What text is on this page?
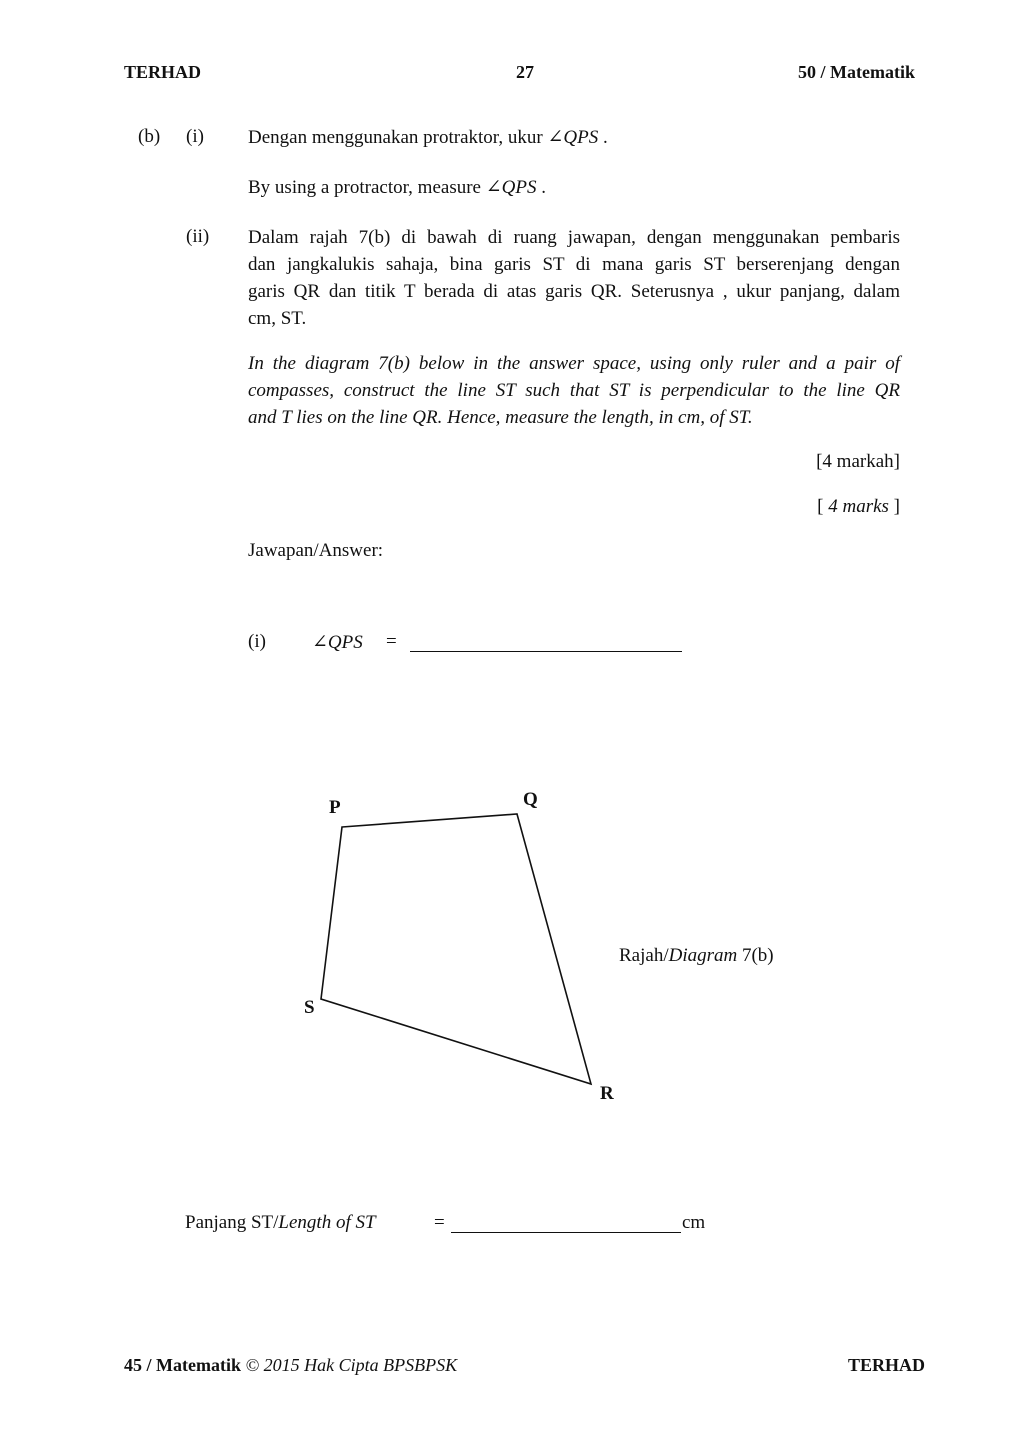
TERHAD	27	50 / Matematik
(b) (i) Dengan menggunakan protraktor, ukur ∠QPS .
By using a protractor, measure ∠QPS .
(ii) Dalam rajah 7(b) di bawah di ruang jawapan, dengan menggunakan pembaris
dan jangkalukis sahaja, bina garis ST di mana garis ST berserenjang dengan
garis QR dan titik T berada di atas garis QR. Seterusnya , ukur panjang, dalam
cm, ST.
In the diagram 7(b) below in the answer space, using only ruler and a pair of
compasses, construct the line ST such that ST is perpendicular to the line QR
and T lies on the line QR. Hence, measure the length, in cm, of ST.
[4 markah]
[ 4 marks ]
Jawapan/Answer:
(i) ∠QPS =
P	Q
R
S
Rajah/Diagram 7(b)
Panjang ST/Length of ST	=	cm
45 / Matematik © 2015 Hak Cipta BPSBPSK	TERHAD
